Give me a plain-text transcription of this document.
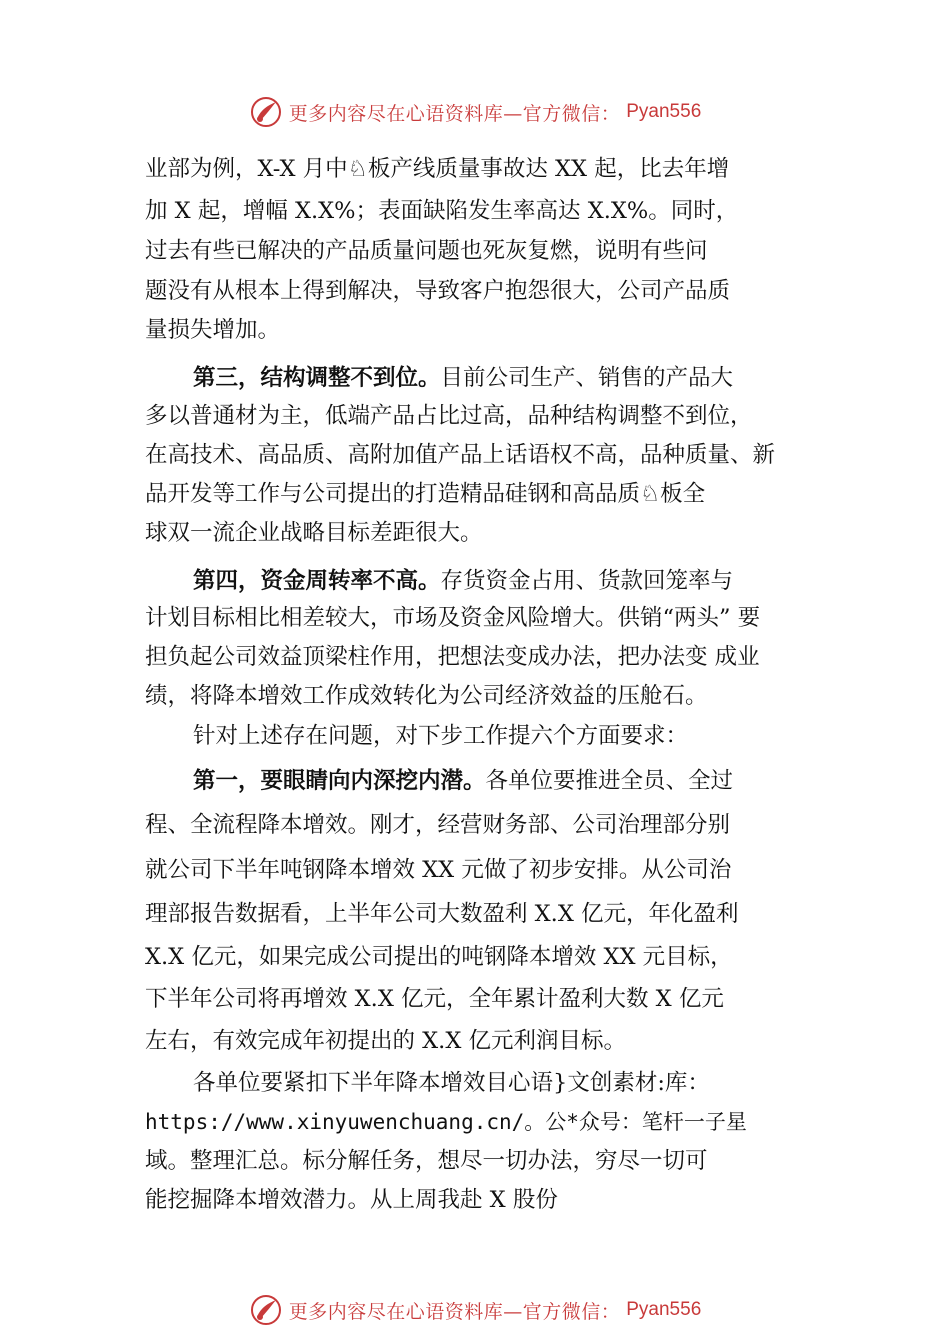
更多内容尽在心语资料库—官方微信： Pyan556
业部为例，X-X 月中♘板产线质量事故达 XX 起，比去年增
加 X 起，增幅 X.X%；表面缺陷发生率高达 X.X%。同时，
过去有些已解决的产品质量问题也死灰复燃，说明有些问
题没有从根本上得到解决，导致客户抱怨很大，公司产品质
量损失增加。
第三，结构调整不到位。目前公司生产、销售的产品大
多以普通材为主，低端产品占比过高，品种结构调整不到位，
在高技术、高品质、高附加值产品上话语权不高，品种质量、新
品开发等工作与公司提出的打造精品硅钢和高品质♘板全
球双一流企业战略目标差距很大。
第四，资金周转率不高。存货资金占用、货款回笼率与
计划目标相比相差较大，市场及资金风险增大。供销“两头” 要
担负起公司效益顶梁柱作用，把想法变成办法，把办法变 成业
绩，将降本增效工作成效转化为公司经济效益的压舱石。
针对上述存在问题，对下步工作提六个方面要求：
第一，要眼睛向内深挖内潜。各单位要推进全员、全过
程、全流程降本增效。刚才，经营财务部、公司治理部分别
就公司下半年吨钢降本增效 XX 元做了初步安排。从公司治
理部报告数据看，上半年公司大数盈利 X.X 亿元，年化盈利
X.X 亿元，如果完成公司提出的吨钢降本增效 XX 元目标，
下半年公司将再增效 X.X 亿元，全年累计盈利大数 X 亿元
左右，有效完成年初提出的 X.X 亿元利润目标。
各单位要紧扣下半年降本增效目心语}文创素材:库：
https://www.xinyuwenchuang.cn/。公*众号：笔杆一子星
域。整理汇总。标分解任务，想尽一切办法，穷尽一切可
能挖掘降本增效潜力。从上周我赴 X 股份
更多内容尽在心语资料库—官方微信： Pyan556
